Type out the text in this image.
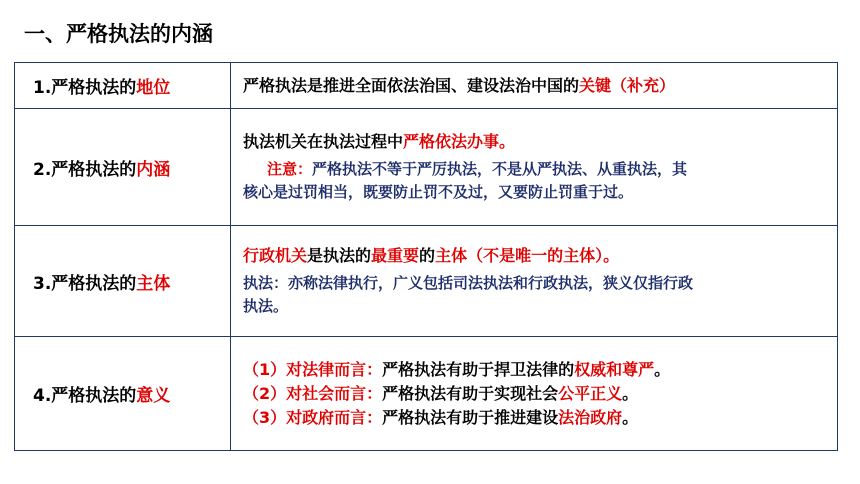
一、严格执法的内涵
1.严格执法的地位	严格执法是推进全面依法治国、建设法治中国的关键（补充）
2.严格执法的内涵	执法机关在执法过程中严格依法办事。
注意：严格执法不等于严厉执法，不是从严执法、从重执法，其
核心是过罚相当，既要防止罚不及过，又要防止罚重于过。

3.严格执法的主体	行政机关是执法的最重要的主体（不是唯一的主体）。
执法：亦称法律执行，广义包括司法执法和行政执法，狭义仅指行政
执法。

4.严格执法的意义	（1）对法律而言：严格执法有助于捍卫法律的权威和尊严。
（2）对社会而言：严格执法有助于实现社会公平正义。
（3）对政府而言：严格执法有助于推进建设法治政府。
